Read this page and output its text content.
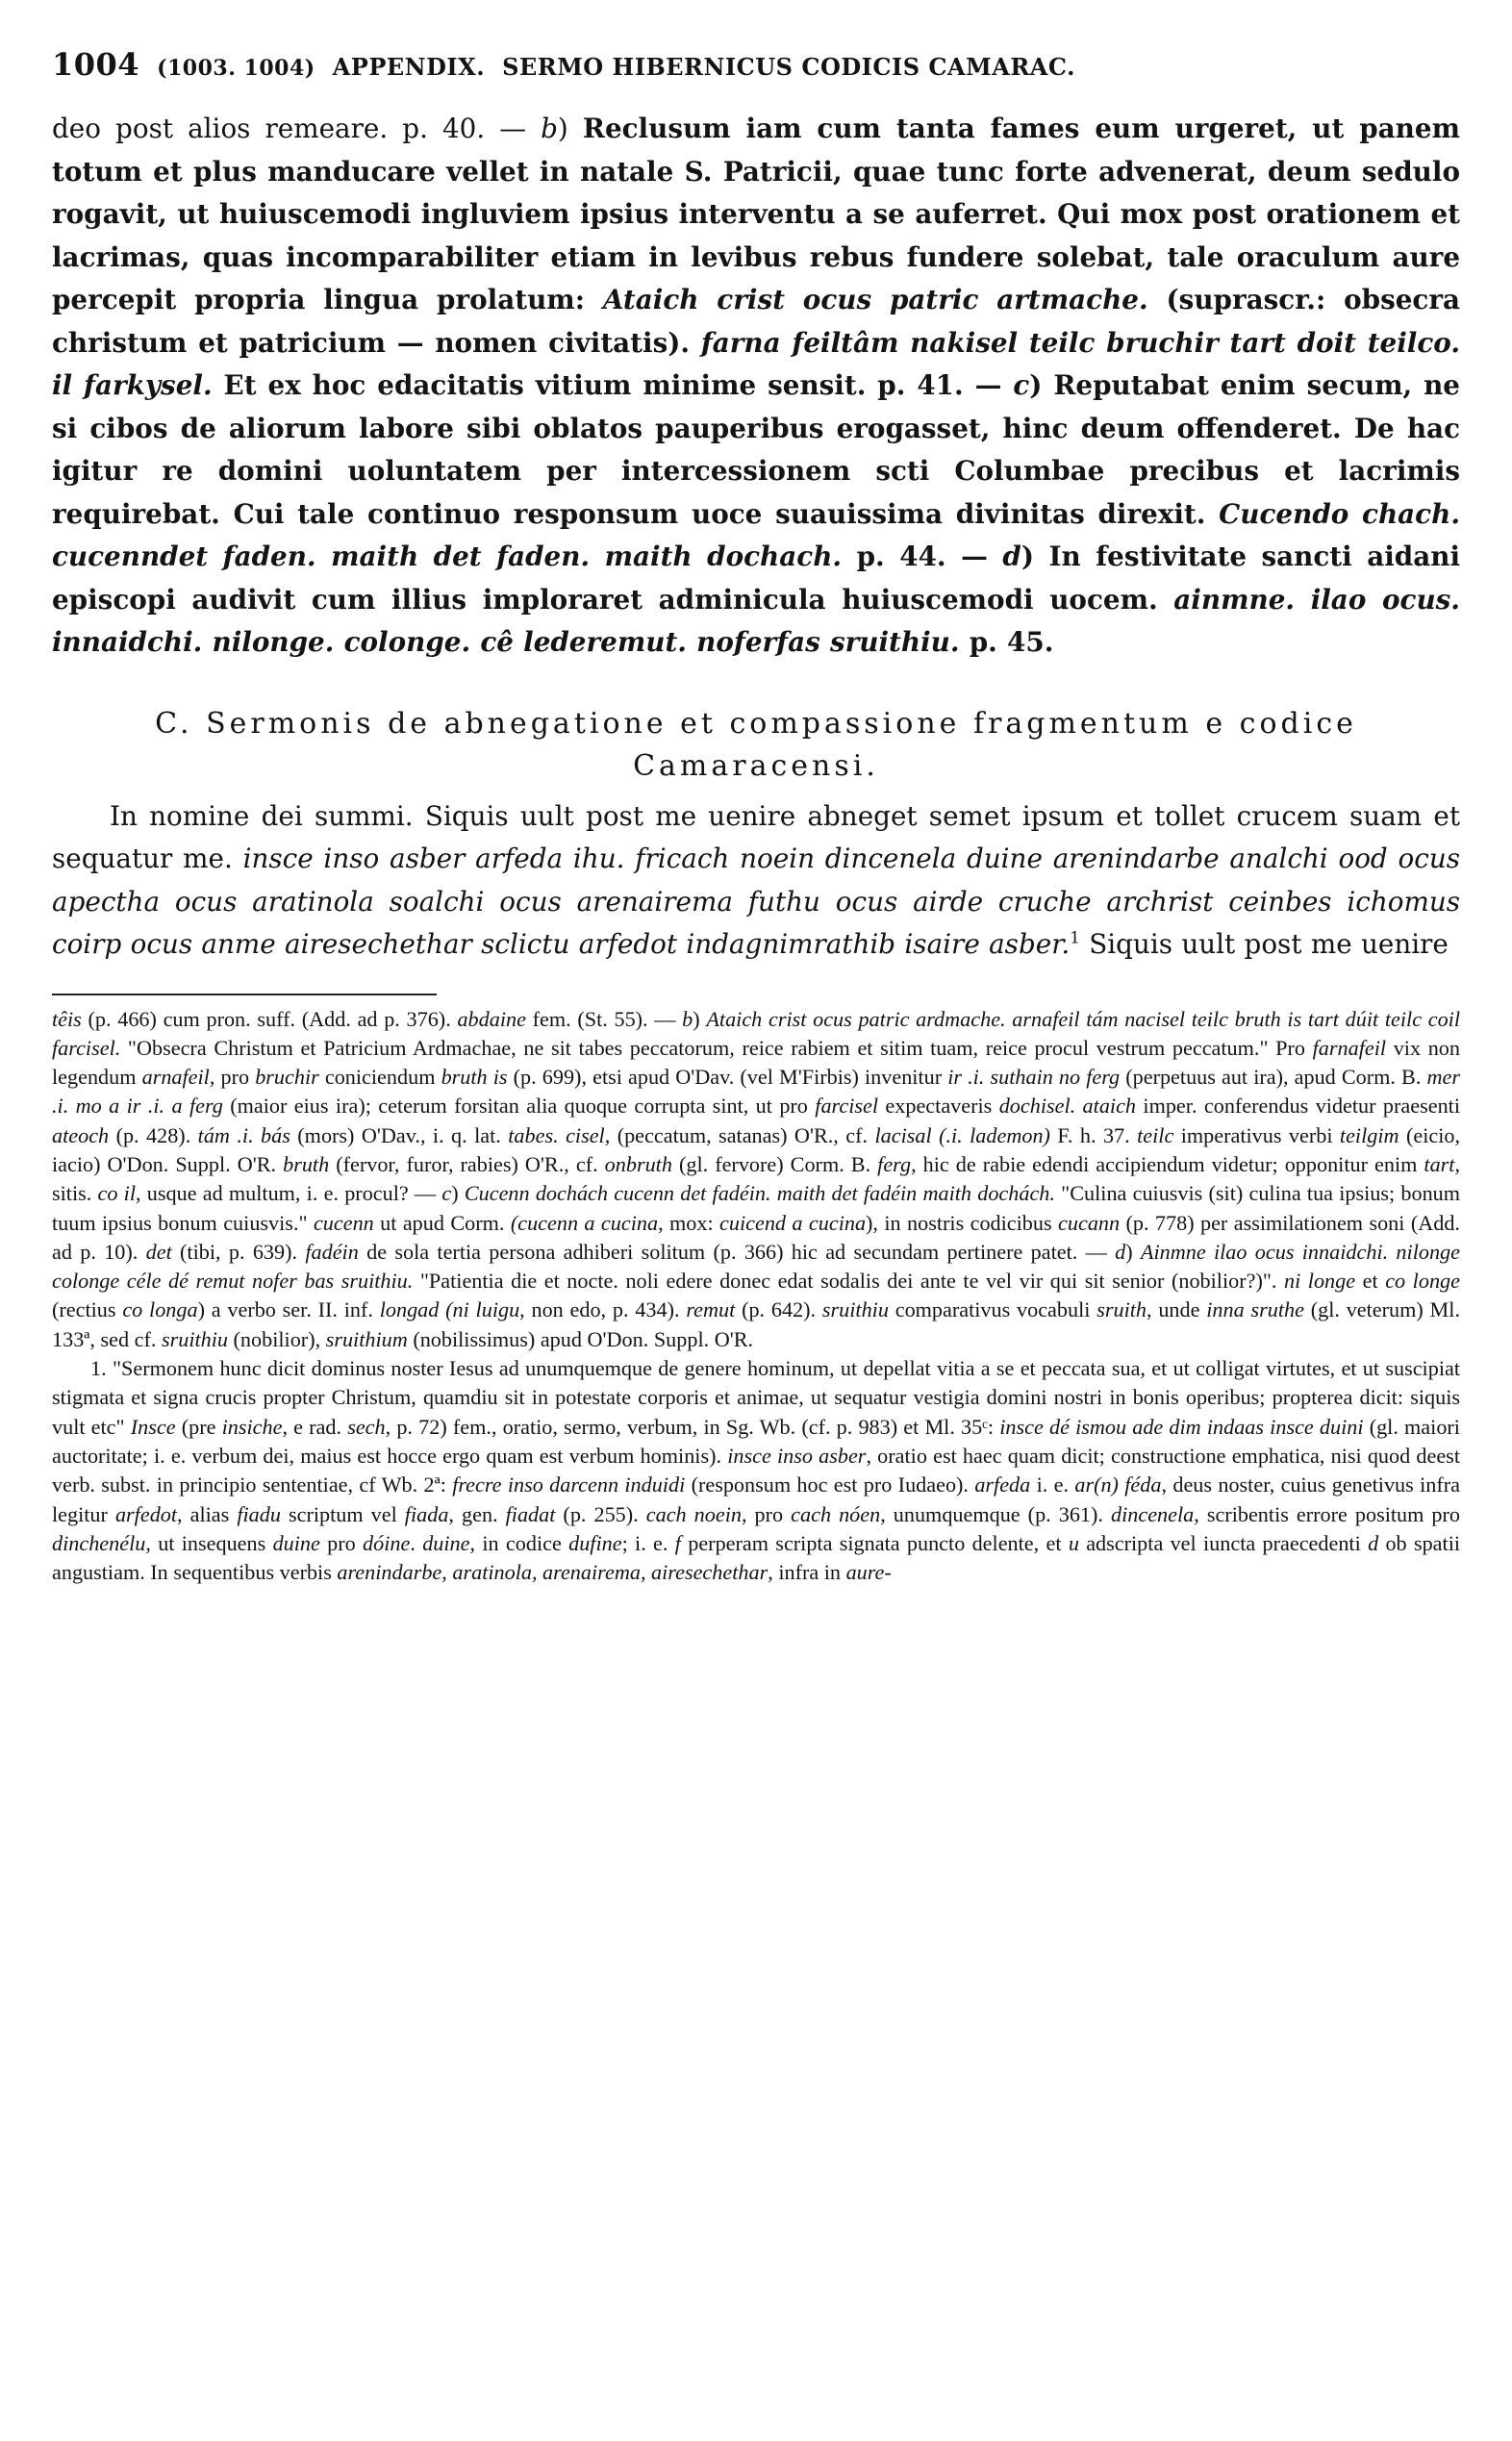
1004 (1003. 1004) APPENDIX. SERMO HIBERNICUS CODICIS CAMARAC.

deo post alios remeare. p. 40. — b) Reclusum iam cum tanta fames eum urgeret, ut panem totum et plus manducare vellet in natale S. Patricii, quae tunc forte advenerat, deum sedulo rogavit, ut huiuscemodi ingluviem ipsius interventu a se auferret. Qui mox post orationem et lacrimas, quas incomparabiliter etiam in levibus rebus fundere solebat, tale oraculum aure percepit propria lingua prolatum: Ataich crist ocus patric artmache. (suprascr.: obsecra christum et patricium — nomen civitatis). farna feiltâm nakisel teilc bruchir tart doit teilco. il farkysel. Et ex hoc edacitatis vitium minime sensit. p. 41. — c) Reputabat enim secum, ne si cibos de aliorum labore sibi oblatos pauperibus erogasset, hinc deum offenderet. De hac igitur re domini uoluntatem per intercessionem scti Columbae precibus et lacrimis requirebat. Cui tale continuo responsum uoce suauissima divinitas direxit. Cucendo chach. cucenndet faden. maith det faden. maith dochach. p. 44. — d) In festivitate sancti aidani episcopi audivit cum illius imploraret adminicula huiuscemodi uocem. ainmne. ilao ocus. innaidchi. nilonge. colonge. cê lederemut. noferfas sruithiu. p. 45.

C. Sermonis de abnegatione et compassione fragmentum e codice
Camaracensi.

In nomine dei summi. Siquis uult post me uenire abneget semet ipsum et tollet crucem suam et sequatur me. insce inso asber arfeda ihu. fricach noein dincenela duine arenindarbe analchi ood ocus apectha ocus aratinola soalchi ocus arenairema futhu ocus airde cruche archrist ceinbes ichomus coirp ocus anme airesechethar sclictu arfedot indagnimrathib isaire asber.$^1$ Siquis uult post me uenire

têis (p. 466) cum pron. suff. (Add. ad p. 376). abdaine fem. (St. 55). — b) Ataich crist ocus patric ardmache. arnafeil tám nacisel teilc bruth is tart dúit teilc coil farcisel. "Obsecra Christum et Patricium Ardmachae, ne sit tabes peccatorum, reice rabiem et sitim tuam, reice procul vestrum peccatum." Pro farnafeil vix non legendum arnafeil, pro bruchir coniciendum bruth is (p. 699), etsi apud O'Dav. (vel M'Firbis) invenitur ir .i. suthain no ferg (perpetuus aut ira), apud Corm. B. mer .i. mo a ir .i. a ferg (maior eius ira); ceterum forsitan alia quoque corrupta sint, ut pro farcisel expectaveris dochisel. ataich imper. conferendus videtur praesenti ateoch (p. 428). tám .i. bás (mors) O'Dav., i. q. lat. tabes. cisel, (peccatum, satanas) O'R., cf. lacisal (.i. lademon) F. h. 37. teilc imperativus verbi teilgim (eicio, iacio) O'Don. Suppl. O'R. bruth (fervor, furor, rabies) O'R., cf. onbruth (gl. fervore) Corm. B. ferg, hic de rabie edendi accipiendum videtur; opponitur enim tart, sitis. co il, usque ad multum, i. e. procul? — c) Cucenn dochách cucenn det fadéin. maith det fadéin maith dochách. "Culina cuiusvis (sit) culina tua ipsius; bonum tuum ipsius bonum cuiusvis." cucenn ut apud Corm. (cucenn a cucina, mox: cuicend a cucina), in nostris codicibus cucann (p. 778) per assimilationem soni (Add. ad p. 10). det (tibi, p. 639). fadéin de sola tertia persona adhiberi solitum (p. 366) hic ad secundam pertinere patet. — d) Ainmne ilao ocus innaidchi. nilonge colonge céle dé remut nofer bas sruithiu. "Patientia die et nocte. noli edere donec edat sodalis dei ante te vel vir qui sit senior (nobilior?)". ni longe et co longe (rectius co longa) a verbo ser. II. inf. longad (ni luigu, non edo, p. 434). remut (p. 642). sruithiu comparativus vocabuli sruith, unde inna sruthe (gl. veterum) Ml. 133ª, sed cf. sruithiu (nobilior), sruithium (nobilissimus) apud O'Don. Suppl. O'R.

1. "Sermonem hunc dicit dominus noster Iesus ad unumquemque de genere hominum, ut depellat vitia a se et peccata sua, et ut colligat virtutes, et ut suscipiat stigmata et signa crucis propter Christum, quamdiu sit in potestate corporis et animae, ut sequatur vestigia domini nostri in bonis operibus; propterea dicit: siquis vult etc" Insce (pre insiche, e rad. sech, p. 72) fem., oratio, sermo, verbum, in Sg. Wb. (cf. p. 983) et Ml. 35ᶜ: insce dé ismou ade dim indaas insce duini (gl. maiori auctoritate; i. e. verbum dei, maius est hocce ergo quam est verbum hominis). insce inso asber, oratio est haec quam dicit; constructione emphatica, nisi quod deest verb. subst. in principio sententiae, cf Wb. 2ª: frecre inso darcenn induidi (responsum hoc est pro Iudaeo). arfeda i. e. ar(n) féda, deus noster, cuius genetivus infra legitur arfedot, alias fiadu scriptum vel fiada, gen. fiadat (p. 255). cach noein, pro cach nóen, unumquemque (p. 361). dincenela, scribentis errore positum pro dinchenélu, ut insequens duine pro dóine. duine, in codice dufine; i. e. f perperam scripta signata puncto delente, et u adscripta vel iuncta praecedenti d ob spatii angustiam. In sequentibus verbis arenindarbe, aratinola, arenairema, airesechethar, infra in aure-
